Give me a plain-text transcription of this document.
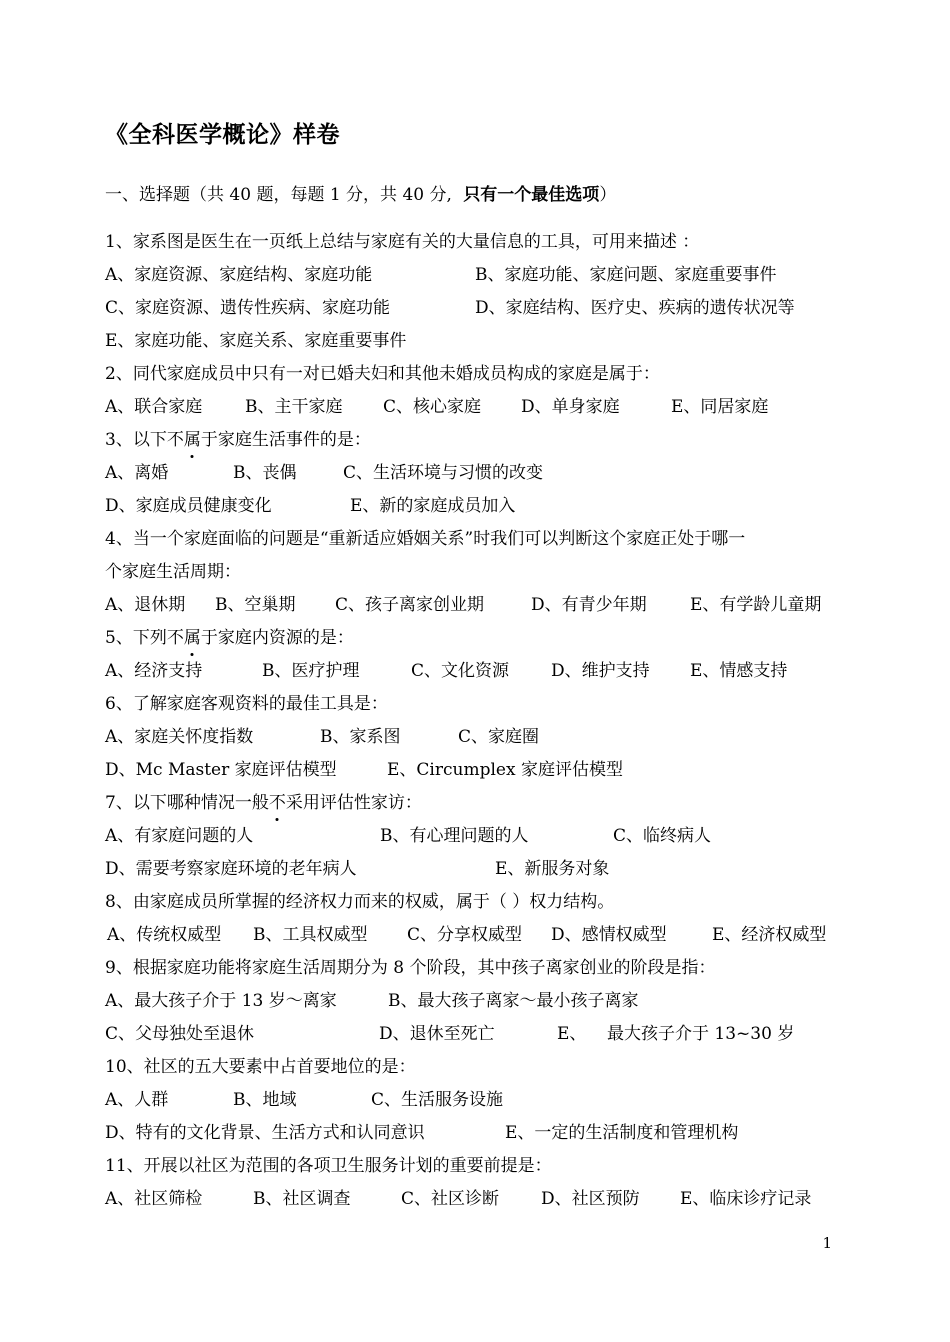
《全科医学概论》样卷
一、选择题（共 40 题，每题 1 分，共 40 分, 只有一个最佳选项）
1、家系图是医生在一页纸上总结与家庭有关的大量信息的工具，可用来描述 ：
A、家庭资源、家庭结构、家庭功能	B、家庭功能、家庭问题、家庭重要事件
C、家庭资源、遗传性疾病、家庭功能	D、家庭结构、医疗史、疾病的遗传状况等
E、家庭功能、家庭关系、家庭重要事件
2、同代家庭成员中只有一对已婚夫妇和其他未婚成员构成的家庭是属于：
A、联合家庭	B、主干家庭 C、核心家庭 D、单身家庭	E、同居家庭
3、以下不属于家庭生活事件的是：
A、离婚	B、丧偶	C、生活环境与习惯的改变
D、家庭成员健康变化	E、新的家庭成员加入
4、当一个家庭面临的问题是“重新适应婚姻关系”时我们可以判断这个家庭正处于哪一
个家庭生活周期：
A、退休期 B、空巢期 C、孩子离家创业期	D、有青少年期	E、有学龄儿童期
5、下列不属于家庭内资源的是：
A、经济支持	B、医疗护理	C、文化资源 D、维护支持 E、情感支持
6、了解家庭客观资料的最佳工具是：
A、家庭关怀度指数	B、家系图	C、家庭圈
D、Mc Master 家庭评估模型	E、Circumplex 家庭评估模型
7、以下哪种情况一般不采用评估性家访：
A、有家庭问题的人	B、有心理问题的人	C、临终病人
D、需要考察家庭环境的老年病人	E、新服务对象
8、由家庭成员所掌握的经济权力而来的权威，属于（ ）权力结构。
A、传统权威型 B、工具权威型 C、分享权威型 D、感情权威型	E、经济权威型
9、根据家庭功能将家庭生活周期分为 8 个阶段，其中孩子离家创业的阶段是指：
A、最大孩子介于 13 岁～离家	B、最大孩子离家～最小孩子离家
C、父母独处至退休	D、退休至死亡	E、 最大孩子介于 13~30 岁
10、社区的五大要素中占首要地位的是：
A、人群	B、地域	C、生活服务设施
D、特有的文化背景、生活方式和认同意识	E、一定的生活制度和管理机构
11、开展以社区为范围的各项卫生服务计划的重要前提是：
A、社区筛检	B、社区调查	C、社区诊断 D、社区预防 E、临床诊疗记录
1
